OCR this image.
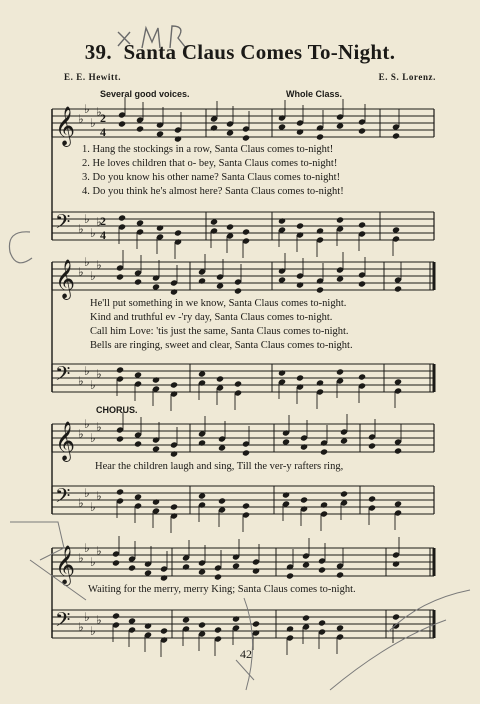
𝄞 ♭
♭
♭
♭
𝄢 ♭
♭
♭
♭
𝄞 ♭
♭
♭
♭
𝄢 ♭
♭
♭
♭
𝄞 ♭
♭
♭
♭
𝄢 ♭
♭
♭
♭
𝄞 ♭
♭
♭
♭
𝄢 ♭
♭
♭
♭
2
4
2
4
39. Santa Claus Comes To-Night.
E. E. Hewitt.	E. S. Lorenz.
Several good voices.	Whole Class.
1. Hang the stockings in a row, Santa Claus comes to-night!
2. He loves children that o- bey, Santa Claus comes to-night!
3. Do you know his other name? Santa Claus comes to-night!
4. Do you think he's almost here? Santa Claus comes to-night!
He'll put something in we know, Santa Claus comes to-night.
Kind and truthful ev -'ry day, Santa Claus comes to-night.
Call him Love: 'tis just the same, Santa Claus comes to-night.
Bells are ringing, sweet and clear, Santa Claus comes to-night.
CHORUS.
Hear the children laugh and sing, Till the ver-y rafters ring,
Waiting for the merry, merry King; Santa Claus comes to-night.
42
